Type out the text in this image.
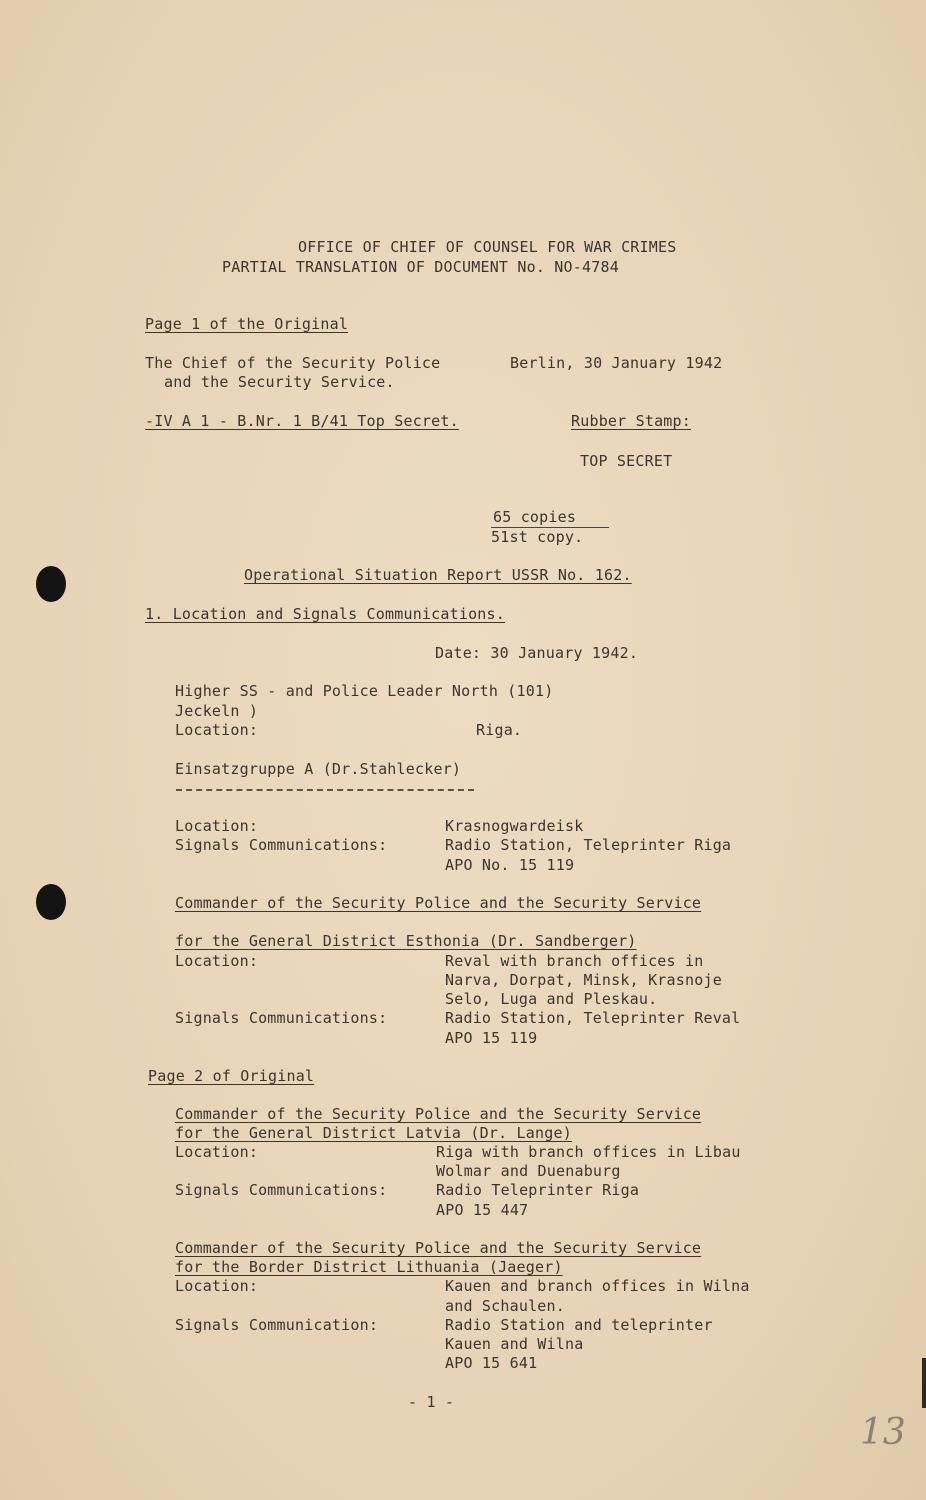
OFFICE OF CHIEF OF COUNSEL FOR WAR CRIMES
PARTIAL TRANSLATION OF DOCUMENT No. NO-4784
Page 1 of the Original
The Chief of the Security Police
and the Security Service.
Berlin, 30 January 1942
-IV A 1 - B.Nr. 1 B/41 Top Secret.	Rubber Stamp:
TOP SECRET
65 copies
51st copy.
Operational Situation Report USSR No. 162.
1. Location and Signals Communications.
Date: 30 January 1942.
Higher SS - and Police Leader North (101)
Jeckeln )
Location:	Riga.
Einsatzgruppe A (Dr.Stahlecker)
Location:	Krasnogwardeisk
Signals Communications:	Radio Station, Teleprinter Riga
APO No. 15 119
Commander of the Security Police and the Security Service
for the General District Esthonia (Dr. Sandberger)
Location:	Reval with branch offices in
Narva, Dorpat, Minsk, Krasnoje
Selo, Luga and Pleskau.
Signals Communications:	Radio Station, Teleprinter Reval
APO 15 119
Page 2 of Original
Commander of the Security Police and the Security Service
for the General District Latvia (Dr. Lange)
Location:	Riga with branch offices in Libau
Wolmar and Duenaburg
Signals Communications:	Radio Teleprinter Riga
APO 15 447
Commander of the Security Police and the Security Service
for the Border District Lithuania (Jaeger)
Location:	Kauen and branch offices in Wilna
and Schaulen.
Signals Communication:	Radio Station and teleprinter
Kauen and Wilna
APO 15 641
- 1 -
13
